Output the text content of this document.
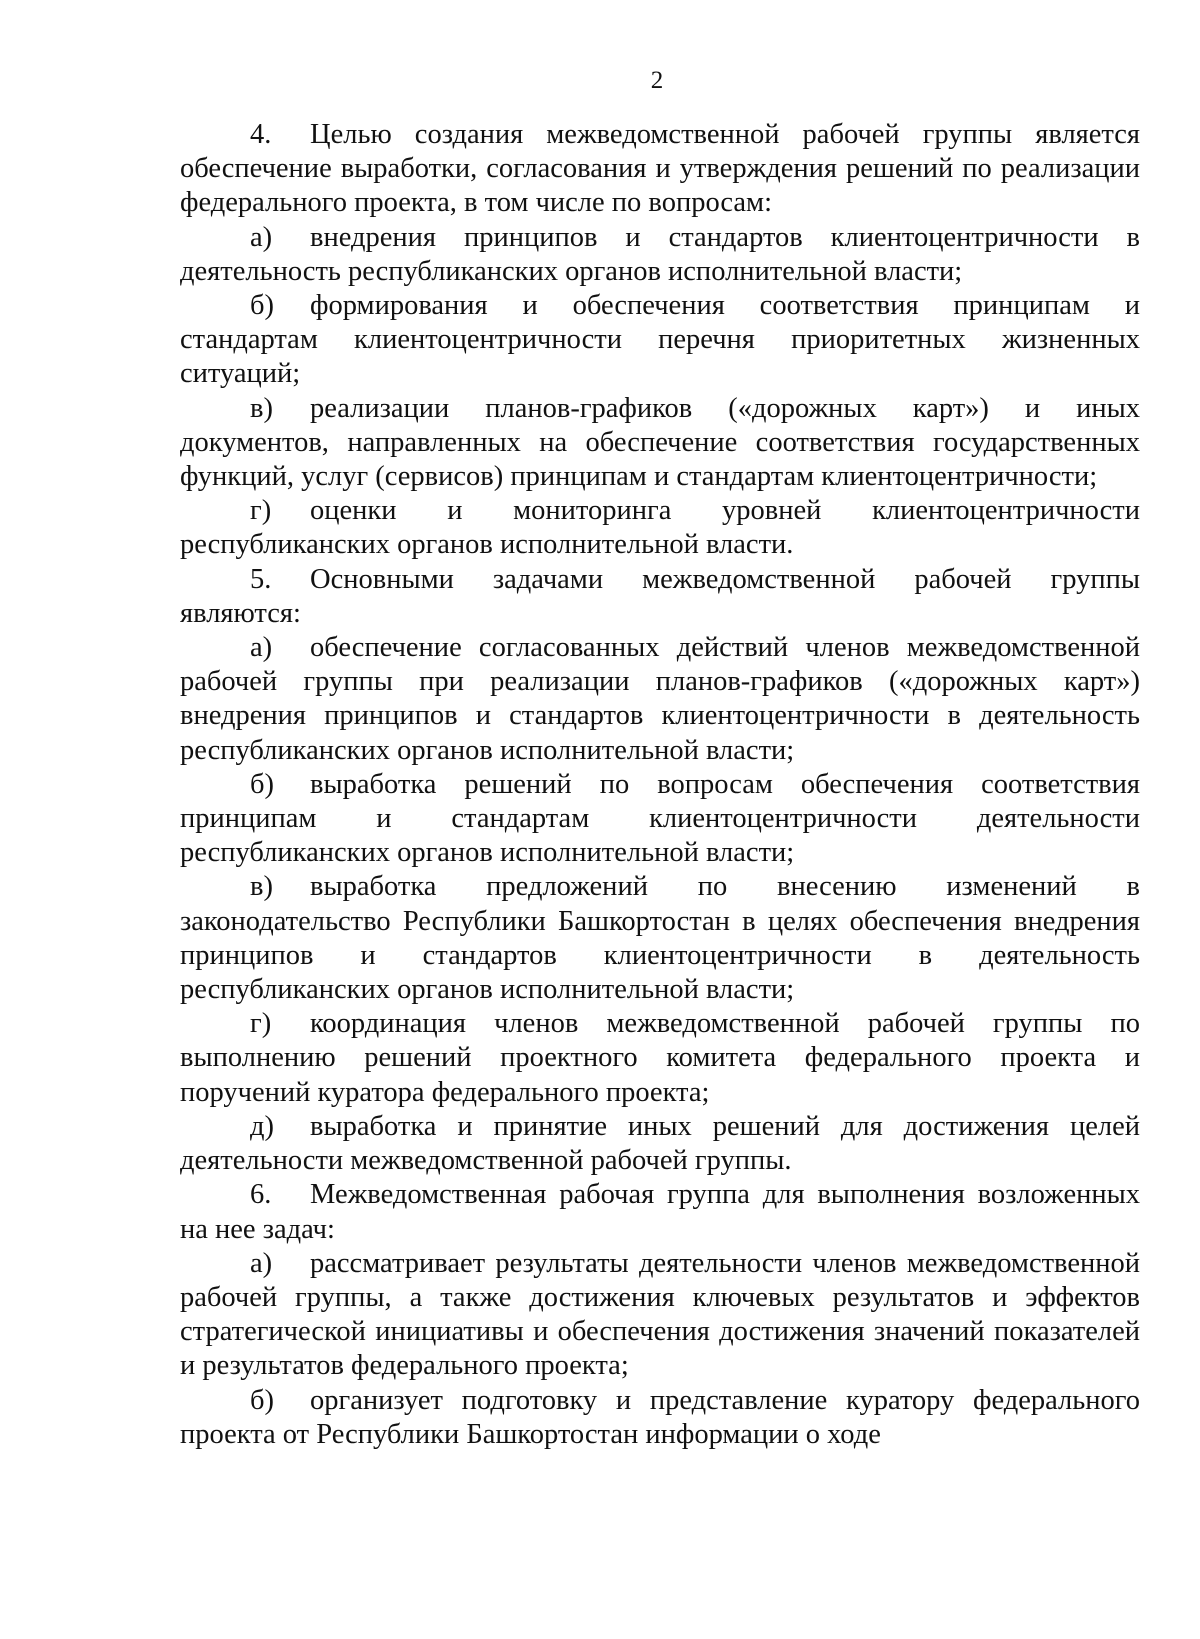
2

4. Целью создания межведомственной рабочей группы является обеспечение выработки, согласования и утверждения решений по реализации федерального проекта, в том числе по вопросам:

а) внедрения принципов и стандартов клиентоцентричности в деятельность республиканских органов исполнительной власти;

б) формирования и обеспечения соответствия принципам и стандартам клиентоцентричности перечня приоритетных жизненных ситуаций;

в) реализации планов-графиков («дорожных карт») и иных документов, направленных на обеспечение соответствия государственных функций, услуг (сервисов) принципам и стандартам клиентоцентричности;

г) оценки и мониторинга уровней клиентоцентричности республиканских органов исполнительной власти.

5. Основными задачами межведомственной рабочей группы являются:

а) обеспечение согласованных действий членов межведомственной рабочей группы при реализации планов-графиков («дорожных карт») внедрения принципов и стандартов клиентоцентричности в деятельность республиканских органов исполнительной власти;

б) выработка решений по вопросам обеспечения соответствия принципам и стандартам клиентоцентричности деятельности республиканских органов исполнительной власти;

в) выработка предложений по внесению изменений в законодательство Республики Башкортостан в целях обеспечения внедрения принципов и стандартов клиентоцентричности в деятельность республиканских органов исполнительной власти;

г) координация членов межведомственной рабочей группы по выполнению решений проектного комитета федерального проекта и поручений куратора федерального проекта;

д) выработка и принятие иных решений для достижения целей деятельности межведомственной рабочей группы.

6. Межведомственная рабочая группа для выполнения возложенных на нее задач:

а) рассматривает результаты деятельности членов межведомственной рабочей группы, а также достижения ключевых результатов и эффектов стратегической инициативы и обеспечения достижения значений показателей и результатов федерального проекта;

б) организует подготовку и представление куратору федерального проекта от Республики Башкортостан информации о ходе
